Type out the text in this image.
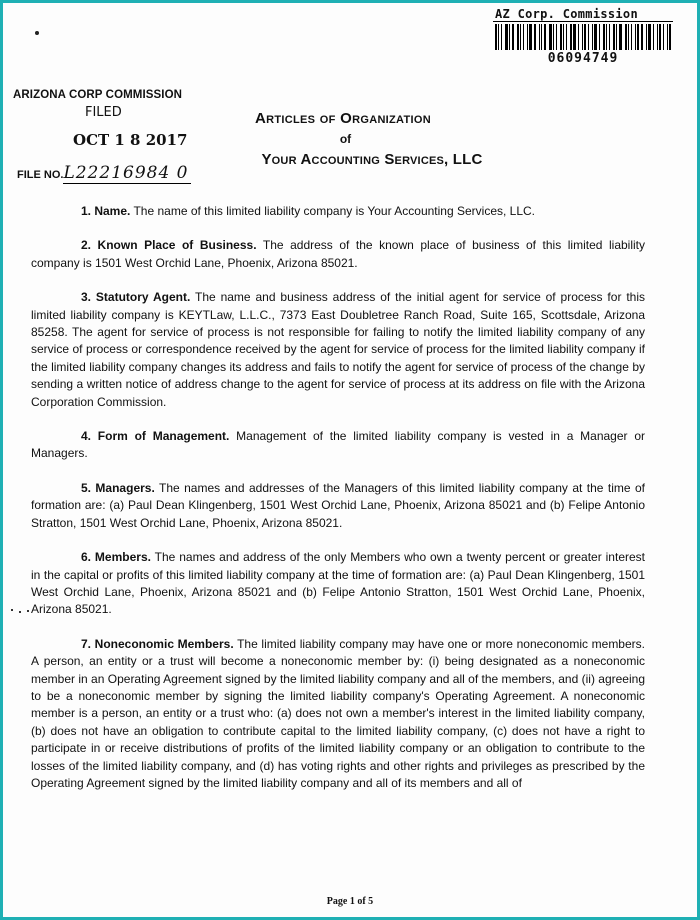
AZ Corp. Commission
06094749
ARIZONA CORP COMMISSION
FILED
OCT 1 8 2017
FILE NO.L22216984 0
Articles of Organization
of
Your Accounting Services, LLC

1. Name. The name of this limited liability company is Your Accounting Services, LLC.

2. Known Place of Business. The address of the known place of business of this limited liability company is 1501 West Orchid Lane, Phoenix, Arizona 85021.

3. Statutory Agent. The name and business address of the initial agent for service of process for this limited liability company is KEYTLaw, L.L.C., 7373 East Doubletree Ranch Road, Suite 165, Scottsdale, Arizona 85258. The agent for service of process is not responsible for failing to notify the limited liability company of any service of process or correspondence received by the agent for service of process for the limited liability company if the limited liability company changes its address and fails to notify the agent for service of process of the change by sending a written notice of address change to the agent for service of process at its address on file with the Arizona Corporation Commission.

4. Form of Management. Management of the limited liability company is vested in a Manager or Managers.

5. Managers. The names and addresses of the Managers of this limited liability company at the time of formation are: (a) Paul Dean Klingenberg, 1501 West Orchid Lane, Phoenix, Arizona 85021 and (b) Felipe Antonio Stratton, 1501 West Orchid Lane, Phoenix, Arizona 85021.

6. Members. The names and address of the only Members who own a twenty percent or greater interest in the capital or profits of this limited liability company at the time of formation are: (a) Paul Dean Klingenberg, 1501 West Orchid Lane, Phoenix, Arizona 85021 and (b) Felipe Antonio Stratton, 1501 West Orchid Lane, Phoenix, Arizona 85021.

7. Noneconomic Members. The limited liability company may have one or more noneconomic members. A person, an entity or a trust will become a noneconomic member by: (i) being designated as a noneconomic member in an Operating Agreement signed by the limited liability company and all of the members, and (ii) agreeing to be a noneconomic member by signing the limited liability company's Operating Agreement. A noneconomic member is a person, an entity or a trust who: (a) does not own a member's interest in the limited liability company, (b) does not have an obligation to contribute capital to the limited liability company, (c) does not have a right to participate in or receive distributions of profits of the limited liability company or an obligation to contribute to the losses of the limited liability company, and (d) has voting rights and other rights and privileges as prescribed by the Operating Agreement signed by the limited liability company and all of its members and all of

Page 1 of 5
